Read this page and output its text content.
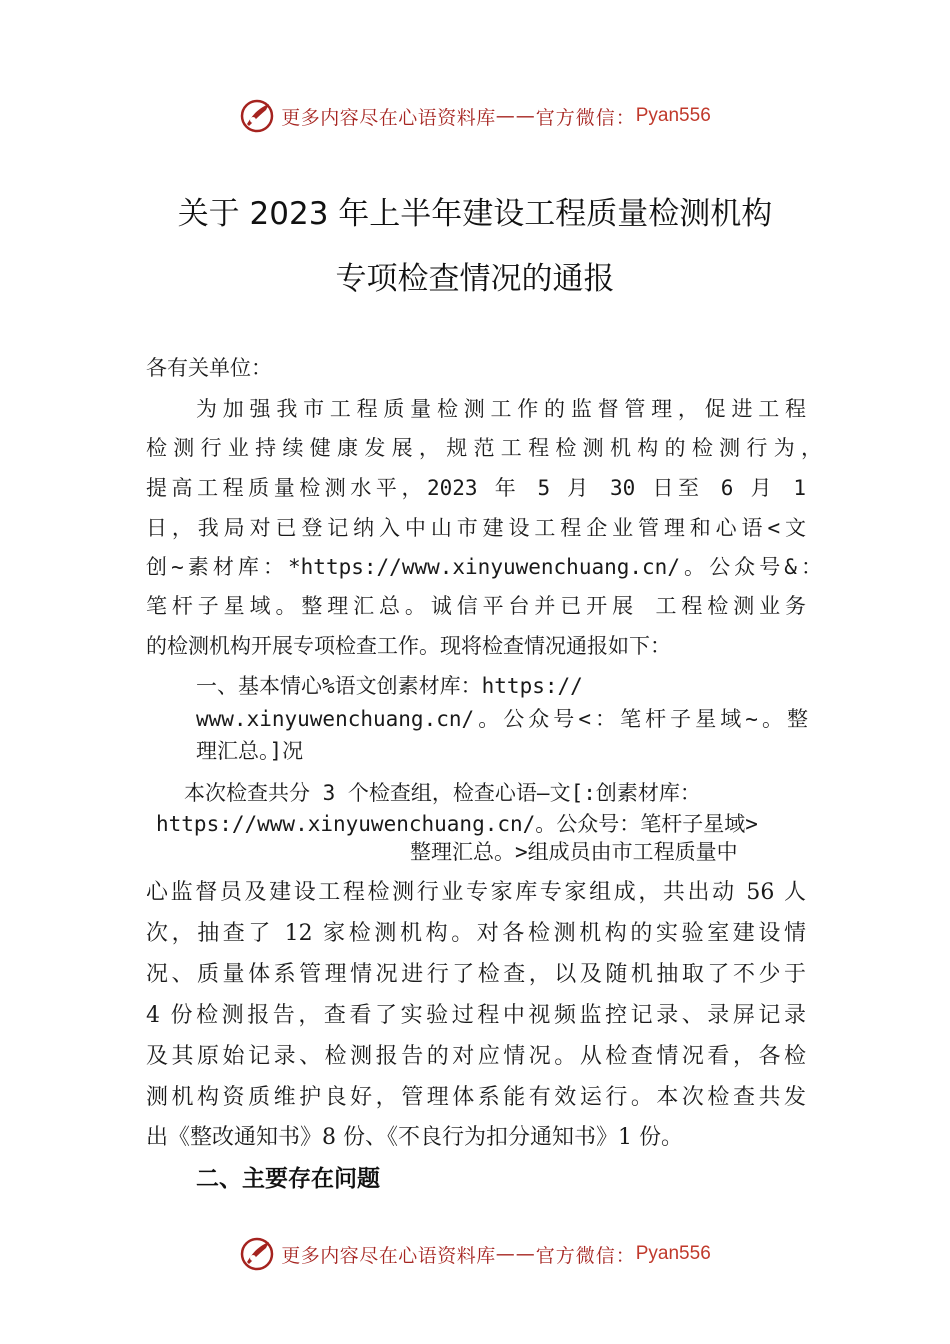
更多内容尽在心语资料库 —— 官方微信： Pyan556
关于 2023 年上半年建设工程质量检测机构
专项检查情况的通报
各有关单位：
为加强我市工程质量检测工作的监督管理，促进工程
检测行业持续健康发展，规范工程检测机构的检测行为，
提高工程质量检测水平，2023 年 5 月 30 日至 6 月 1
日，我局对已登记纳入中山市建设工程企业管理和心语<文
创~素材库：*https://www.xinyuwenchuang.cn/。公众号&：
笔杆子星域。整理汇总。诚信平台并已开展 工程检测业务
的检测机构开展专项检查工作。现将检查情况通报如下：
一、基本情心%语文创素材库：https://
www.xinyuwenchuang.cn/。公众号<：笔杆子星域~。整
理汇总。]况
本次检查共分 3 个检查组，检查心语—文[:创素材库：
https://www.xinyuwenchuang.cn/。公众号：笔杆子星域>
整理汇总。>组成员由市工程质量中
心监督员及建设工程检测行业专家库专家组成，共出动 56 人
次，抽查了 12 家检测机构。对各检测机构的实验室建设情
况、质量体系管理情况进行了检查，以及随机抽取了不少于
4 份检测报告，查看了实验过程中视频监控记录、录屏记录
及其原始记录、检测报告的对应情况。从检查情况看，各检
测机构资质维护良好，管理体系能有效运行。本次检查共发
出《整改通知书》8 份、《不良行为扣分通知书》1 份。
二、主要存在问题
更多内容尽在心语资料库 —— 官方微信： Pyan556
